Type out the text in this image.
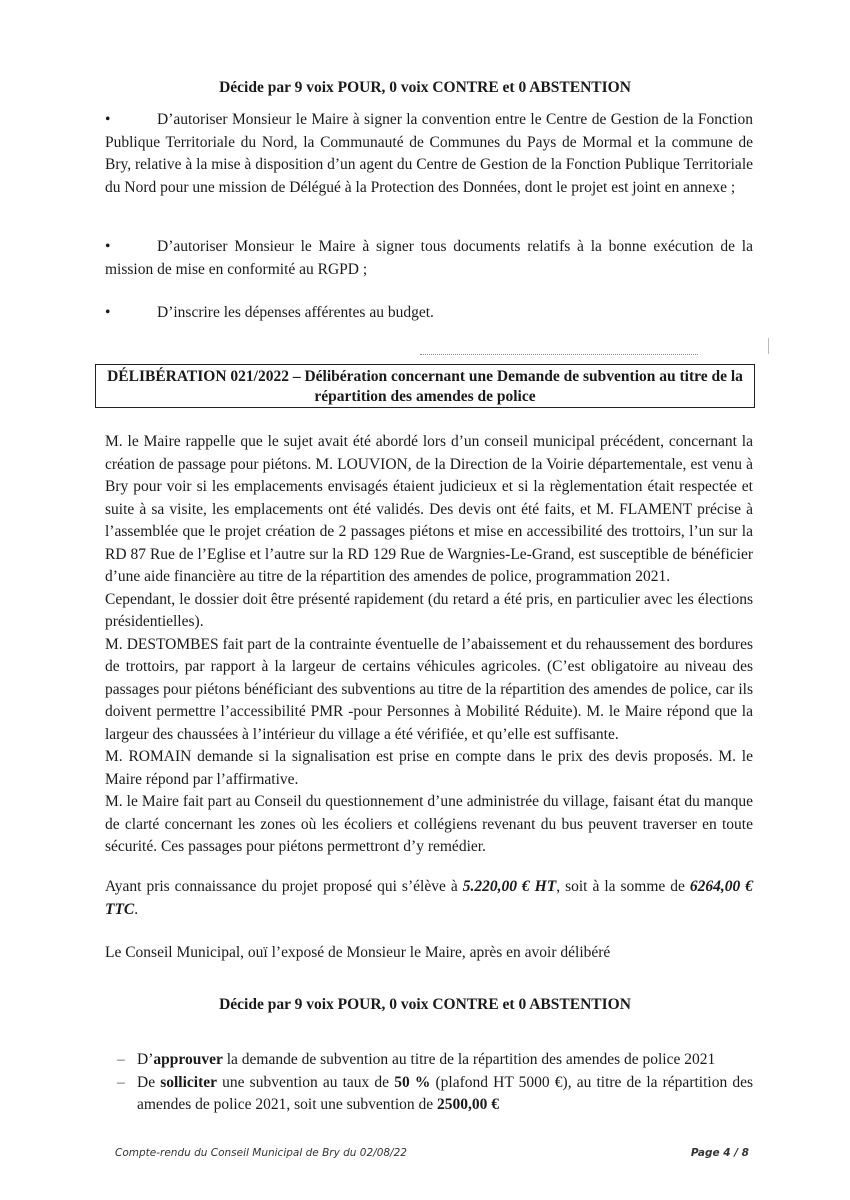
Décide par 9 voix POUR, 0 voix CONTRE et 0 ABSTENTION
•	D’autoriser Monsieur le Maire à signer la convention entre le Centre de Gestion de la Fonction Publique Territoriale du Nord, la Communauté de Communes du Pays de Mormal et la commune de Bry, relative à la mise à disposition d’un agent du Centre de Gestion de la Fonction Publique Territoriale du Nord pour une mission de Délégué à la Protection des Données, dont le projet est joint en annexe ;
•	D’autoriser Monsieur le Maire à signer tous documents relatifs à la bonne exécution de la mission de mise en conformité au RGPD ;
•	D’inscrire les dépenses afférentes au budget.
DÉLIBÉRATION 021/2022 – Délibération concernant une Demande de subvention au titre de la répartition des amendes de police

M. le Maire rappelle que le sujet avait été abordé lors d’un conseil municipal précédent, concernant la création de passage pour piétons. M. LOUVION, de la Direction de la Voirie départementale, est venu à Bry pour voir si les emplacements envisagés étaient judicieux et si la règlementation était respectée et suite à sa visite, les emplacements ont été validés. Des devis ont été faits, et M. FLAMENT précise à l’assemblée que le projet création de 2 passages piétons et mise en accessibilité des trottoirs, l’un sur la RD 87 Rue de l’Eglise et l’autre sur la RD 129 Rue de Wargnies-Le-Grand, est susceptible de bénéficier d’une aide financière au titre de la répartition des amendes de police, programmation 2021.

Cependant, le dossier doit être présenté rapidement (du retard a été pris, en particulier avec les élections présidentielles).

M. DESTOMBES fait part de la contrainte éventuelle de l’abaissement et du rehaussement des bordures de trottoirs, par rapport à la largeur de certains véhicules agricoles. (C’est obligatoire au niveau des passages pour piétons bénéficiant des subventions au titre de la répartition des amendes de police, car ils doivent permettre l’accessibilité PMR -pour Personnes à Mobilité Réduite). M. le Maire répond que la largeur des chaussées à l’intérieur du village a été vérifiée, et qu’elle est suffisante.

M. ROMAIN demande si la signalisation est prise en compte dans le prix des devis proposés. M. le Maire répond par l’affirmative.

M. le Maire fait part au Conseil du questionnement d’une administrée du village, faisant état du manque de clarté concernant les zones où les écoliers et collégiens revenant du bus peuvent traverser en toute sécurité. Ces passages pour piétons permettront d’y remédier.

Ayant pris connaissance du projet proposé qui s’élève à 5.220,00 € HT, soit à la somme de 6264,00 € TTC.

Le Conseil Municipal, ouï l’exposé de Monsieur le Maire, après en avoir délibéré

Décide par 9 voix POUR, 0 voix CONTRE et 0 ABSTENTION
– D’approuver la demande de subvention au titre de la répartition des amendes de police 2021
– De solliciter une subvention au taux de 50 % (plafond HT 5000 €), au titre de la répartition des amendes de police 2021, soit une subvention de 2500,00 €
Compte-rendu du Conseil Municipal de Bry du 02/08/22	Page 4 / 8
